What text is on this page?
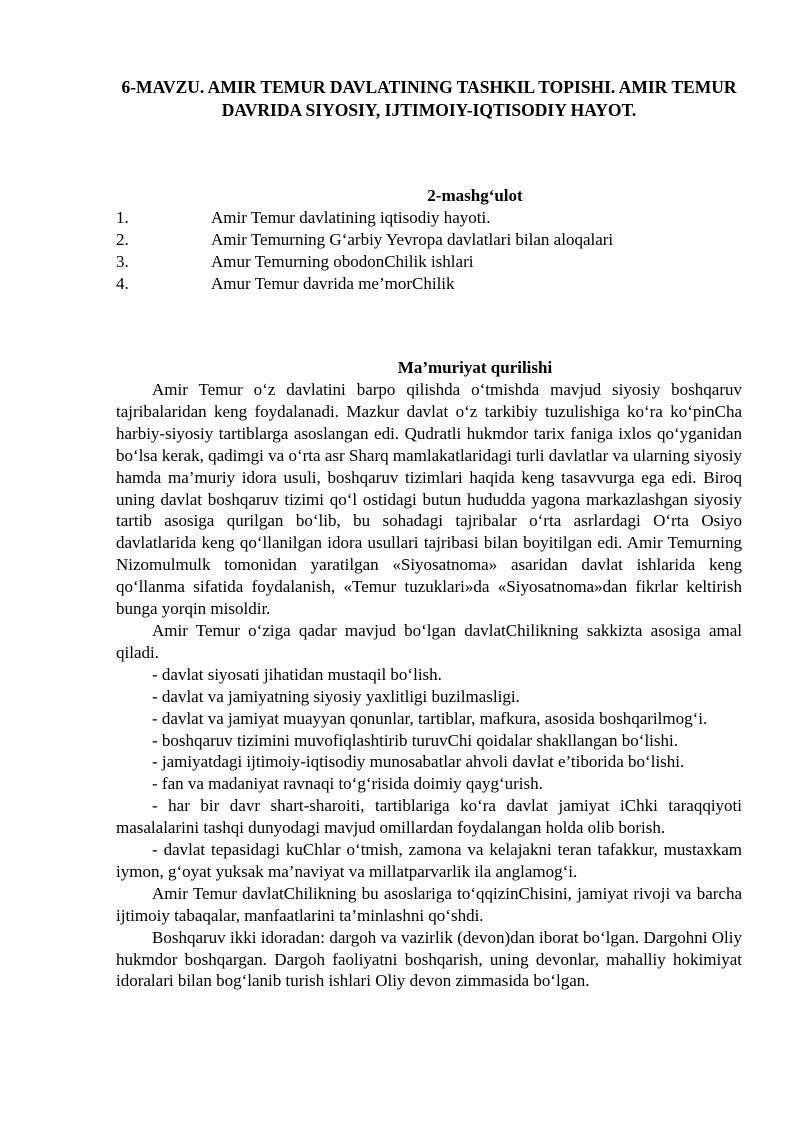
6-MAVZU. AMIR TEMUR DAVLATINING TASHKIL TOPISHI. AMIR TEMUR DAVRIDA SIYOSIY, IJTIMOIY-IQTISODIY HAYOT.
2-mashg‘ulot
1.	Amir Temur davlatining iqtisodiy hayoti.
2.	Amir Temurning G‘arbiy Yevropa davlatlari bilan aloqalari
3.	Amur Temurning obodonChilik ishlari
4.	Amur Temur davrida me’morChilik
Ma’muriyat qurilishi

Amir Temur o‘z davlatini barpo qilishda o‘tmishda mavjud siyosiy boshqaruv tajribalaridan keng foydalanadi. Mazkur davlat o‘z tarkibiy tuzulishiga ko‘ra ko‘pinCha harbiy-siyosiy tartiblarga asoslangan edi. Qudratli hukmdor tarix faniga ixlos qo‘yganidan bo‘lsa kerak, qadimgi va o‘rta asr Sharq mamlakatlaridagi turli davlatlar va ularning siyosiy hamda ma’muriy idora usuli, boshqaruv tizimlari haqida keng tasavvurga ega edi. Biroq uning davlat boshqaruv tizimi qo‘l ostidagi butun hududda yagona markazlashgan siyosiy tartib asosiga qurilgan bo‘lib, bu sohadagi tajribalar o‘rta asrlardagi O‘rta Osiyo davlatlarida keng qo‘llanilgan idora usullari tajribasi bilan boyitilgan edi. Amir Temurning Nizomulmulk tomonidan yaratilgan «Siyosatnoma» asaridan davlat ishlarida keng qo‘llanma sifatida foydalanish, «Temur tuzuklari»da «Siyosatnoma»dan fikrlar keltirish bunga yorqin misoldir.

Amir Temur o‘ziga qadar mavjud bo‘lgan davlatChilikning sakkizta asosiga amal qiladi.

- davlat siyosati jihatidan mustaqil bo‘lish.

- davlat va jamiyatning siyosiy yaxlitligi buzilmasligi.

- davlat va jamiyat muayyan qonunlar, tartiblar, mafkura, asosida boshqarilmog‘i.

- boshqaruv tizimini muvofiqlashtirib turuvChi qoidalar shakllangan bo‘lishi.

- jamiyatdagi ijtimoiy-iqtisodiy munosabatlar ahvoli davlat e’tiborida bo‘lishi.

- fan va madaniyat ravnaqi to‘g‘risida doimiy qayg‘urish.

- har bir davr shart-sharoiti, tartiblariga ko‘ra davlat jamiyat iChki taraqqiyoti masalalarini tashqi dunyodagi mavjud omillardan foydalangan holda olib borish.

- davlat tepasidagi kuChlar o‘tmish, zamona va kelajakni teran tafakkur, mustaxkam iymon, g‘oyat yuksak ma’naviyat va millatparvarlik ila anglamog‘i.

Amir Temur davlatChilikning bu asoslariga to‘qqizinChisini, jamiyat rivoji va barcha ijtimoiy tabaqalar, manfaatlarini ta’minlashni qo‘shdi.

Boshqaruv ikki idoradan: dargoh va vazirlik (devon)dan iborat bo‘lgan. Dargohni Oliy hukmdor boshqargan. Dargoh faoliyatni boshqarish, uning devonlar, mahalliy hokimiyat idoralari bilan bog‘lanib turish ishlari Oliy devon zimmasida bo‘lgan.
